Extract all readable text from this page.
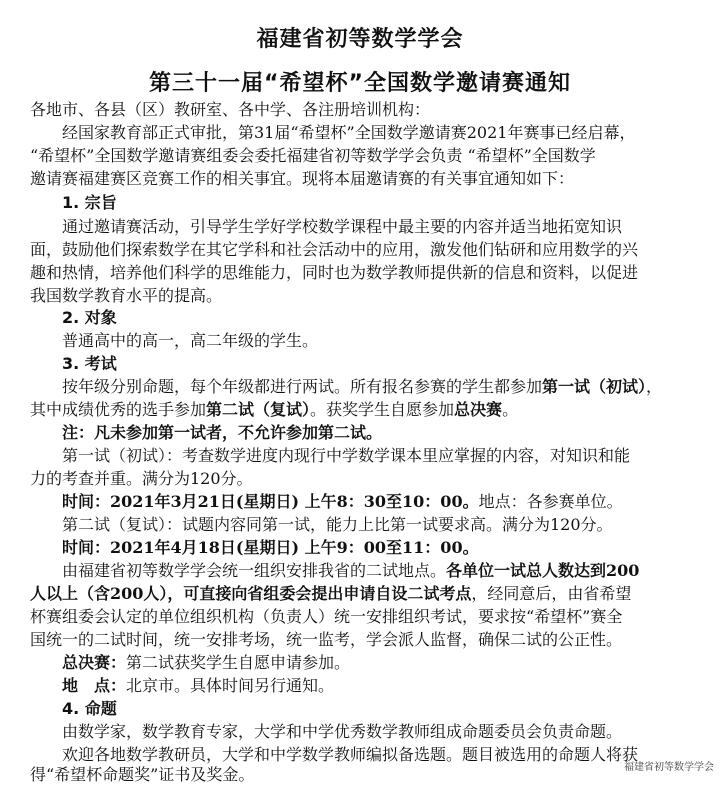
福建省初等数学学会
第三十一届“希望杯”全国数学邀请赛通知
各地市、各县（区）教研室、各中学、各注册培训机构：
经国家教育部正式审批，第31届“希望杯”全国数学邀请赛2021年赛事已经启幕，
“希望杯”全国数学邀请赛组委会委托福建省初等数学学会负责 “希望杯”全国数学
邀请赛福建赛区竞赛工作的相关事宜。现将本届邀请赛的有关事宜通知如下：
1. 宗旨
通过邀请赛活动，引导学生学好学校数学课程中最主要的内容并适当地拓宽知识
面，鼓励他们探索数学在其它学科和社会活动中的应用，激发他们钻研和应用数学的兴
趣和热情，培养他们科学的思维能力，同时也为数学教师提供新的信息和资料，以促进
我国数学教育水平的提高。
2. 对象
普通高中的高一，高二年级的学生。
3. 考试
按年级分别命题，每个年级都进行两试。所有报名参赛的学生都参加第一试（初试），
其中成绩优秀的选手参加第二试（复试）。获奖学生自愿参加总决赛。
注：凡未参加第一试者，不允许参加第二试。
第一试（初试）：考查数学进度内现行中学数学课本里应掌握的内容，对知识和能
力的考查并重。满分为120分。
时间：2021年3月21日(星期日) 上午8：30至10：00。地点：各参赛单位。
第二试（复试）：试题内容同第一试，能力上比第一试要求高。满分为120分。
时间：2021年4月18日(星期日) 上午9：00至11：00。
由福建省初等数学学会统一组织安排我省的二试地点。各单位一试总人数达到200
人以上（含200人），可直接向省组委会提出申请自设二试考点，经同意后，由省希望
杯赛组委会认定的单位组织机构（负责人）统一安排组织考试，要求按“希望杯”赛全
国统一的二试时间，统一安排考场，统一监考，学会派人监督，确保二试的公正性。
总决赛：第二试获奖学生自愿申请参加。
地　点：北京市。具体时间另行通知。
4. 命题
由数学家，数学教育专家，大学和中学优秀数学教师组成命题委员会负责命题。
欢迎各地数学教研员，大学和中学数学教师编拟备选题。题目被选用的命题人将获
得“希望杯命题奖”证书及奖金。	福建省初等数学学会
